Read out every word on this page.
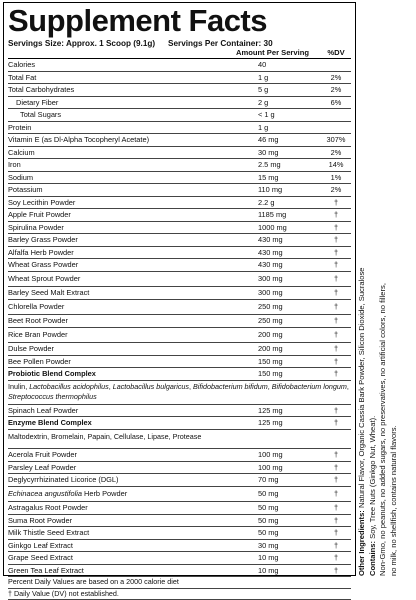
Supplement Facts
Servings Size: Approx. 1 Scoop (9.1g)	Servings Per Container: 30
Amount Per Serving	%DV
Calories	40
Total Fat	1 g	2%
Total Carbohydrates	5 g	2%
Dietary Fiber	2 g	6%
Total Sugars	< 1 g
Protein	1 g
Vitamin E (as Dl-Alpha Tocopheryl Acetate)	46 mg	307%
Calcium	30 mg	2%
Iron	2.5 mg	14%
Sodium	15 mg	1%
Potassium	110 mg	2%
Soy Lecithin Powder	2.2 g	†
Apple Fruit Powder	1185 mg	†
Spirulina Powder	1000 mg	†
Barley Grass Powder	430 mg	†
Alfalfa Herb Powder	430 mg	†
Wheat Grass Powder	430 mg	†
Wheat Sprout Powder	300 mg	†
Barley Seed Malt Extract	300 mg	†
Chlorella Powder	250 mg	†
Beet Root Powder	250 mg	†
Rice Bran Powder	200 mg	†
Dulse Powder	200 mg	†
Bee Pollen Powder	150 mg	†
Probiotic Blend Complex	150 mg	†
Inulin, Lactobacillus acidophilus, Lactobacillus bulgaricus, Bifidobacterium bifidum, Bifidobacterium longum, Streptococcus thermophilus
Spinach Leaf Powder	125 mg	†
Enzyme Blend Complex	125 mg	†
Maltodextrin, Bromelain, Papain, Cellulase, Lipase, Protease
Acerola Fruit Powder	100 mg	†
Parsley Leaf Powder	100 mg	†
Deglycyrrhizinated Licorice (DGL)	70 mg	†
Echinacea angustifolia Herb Powder	50 mg	†
Astragalus Root Powder	50 mg	†
Suma Root Powder	50 mg	†
Milk Thistle Seed Extract	50 mg	†
Ginkgo Leaf Extract	30 mg	†
Grape Seed Extract	10 mg	†
Green Tea Leaf Extract	10 mg	†
Percent Daily Values are based on a 2000 calorie diet
† Daily Value (DV) not established.
Other Ingredients: Natural Flavor, Organic Cassia Bark Powder, Silicon Dioxide, Sucralose
Contains: Soy, Tree Nuts (Ginkgo Nut, Wheat). Non-Gmo, no peanuts, no added sugars, no preservatives, no artificial colors, no fillers, no milk, no shellfish, contains natural flavors.
